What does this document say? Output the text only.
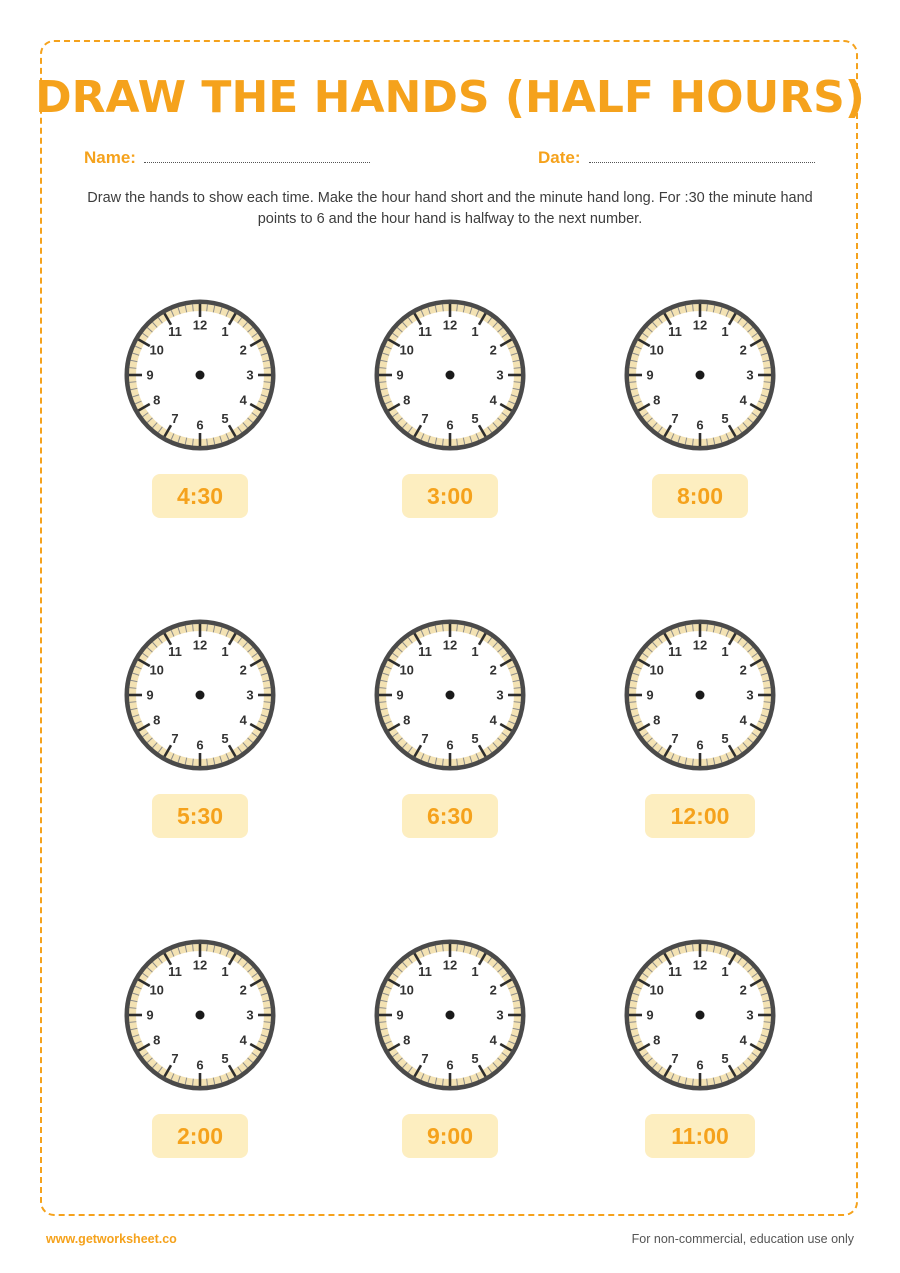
DRAW THE HANDS (HALF HOURS)
Name:	Date:
Draw the hands to show each time. Make the hour hand short and the minute hand long. For :30 the minute hand points to 6 and the hour hand is halfway to the next number.
12 1
2
3
4
5
6
7
8
9
10
11	12 1
2
3
4
5
6
7
8
9
10
11	12 1
2
3
4
5
6
7
8
9
10
11
12 1
2
3
4
5
6
7
8
9
10
11	12 1
2
3
4
5
6
7
8
9
10
11	12 1
2
3
4
5
6
7
8
9
10
11
12 1
2
3
4
5
6
7
8
9
10
11	12 1
2
3
4
5
6
7
8
9
10
11	12 1
2
3
4
5
6
7
8
9
10
11
4:30	3:00	8:00
5:30	6:30	12:00
2:00	9:00	11:00
www.getworksheet.co	For non-commercial, education use only
